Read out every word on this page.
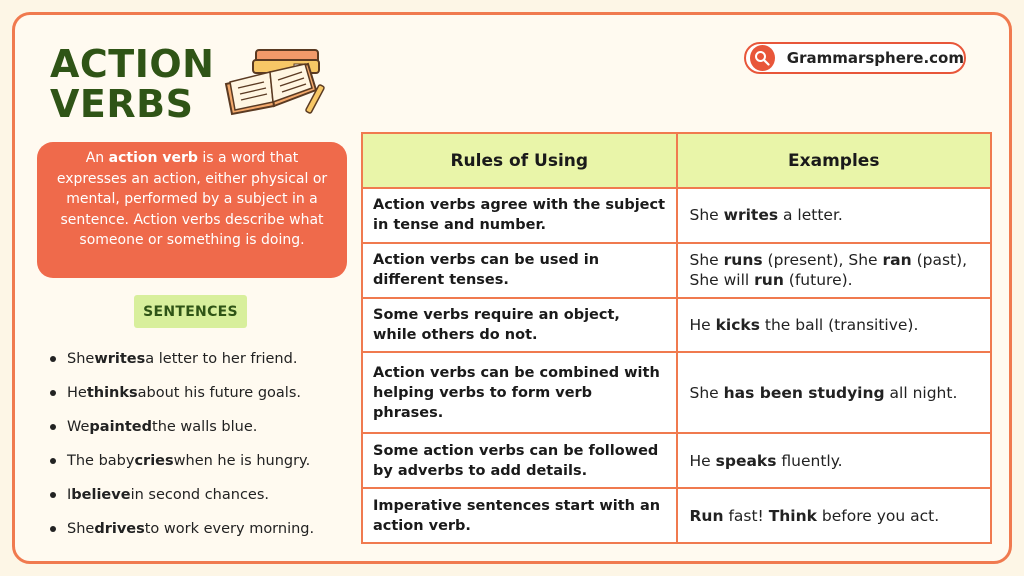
ACTION
VERBS
Grammarsphere.com
An action verb is a word that expresses an action, either physical or mental, performed by a subject in a sentence. Action verbs describe what someone or something is doing.
SENTENCES
She writes a letter to her friend.
He thinks about his future goals.
We painted the walls blue.
The baby cries when he is hungry.
I believe in second chances.
She drives to work every morning.
Rules of Using	Examples
Action verbs agree with the subject in tense and number.	She writes a letter.
Action verbs can be used in different tenses.	She runs (present), She ran (past), She will run (future).
Some verbs require an object, while others do not.	He kicks the ball (transitive).
Action verbs can be combined with helping verbs to form verb phrases.	She has been studying all night.
Some action verbs can be followed by adverbs to add details.	He speaks fluently.
Imperative sentences start with an action verb.	Run fast! Think before you act.
